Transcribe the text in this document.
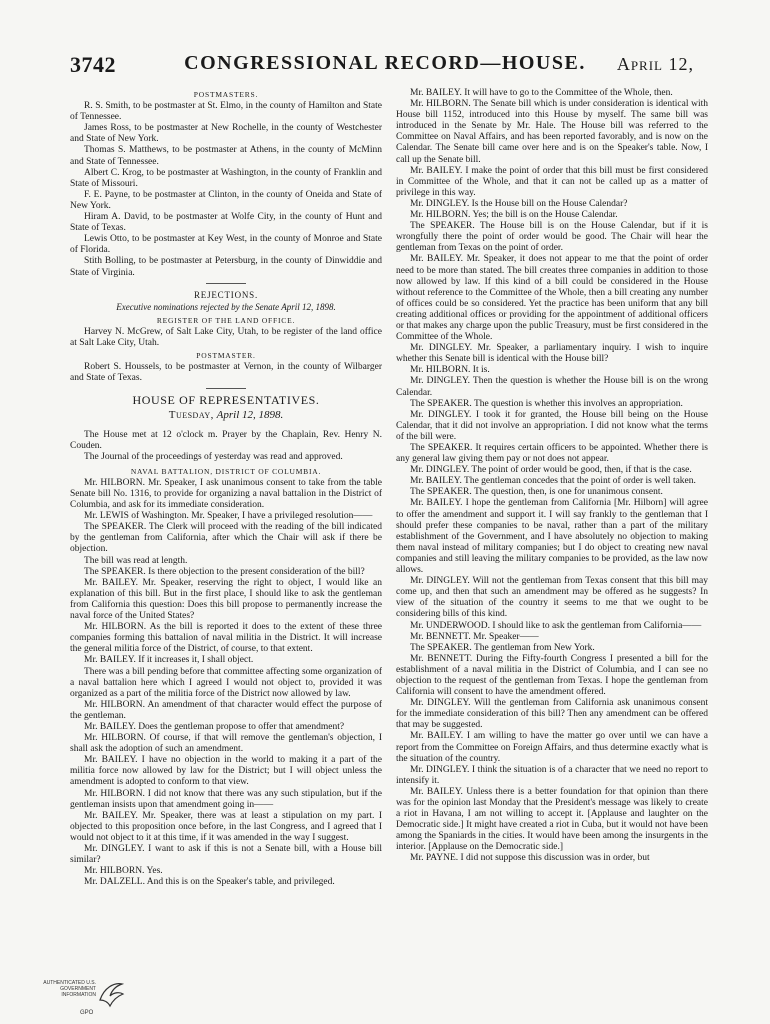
3742	CONGRESSIONAL RECORD—HOUSE.	April 12,
POSTMASTERS.

R. S. Smith, to be postmaster at St. Elmo, in the county of Hamilton and State of Tennessee.

James Ross, to be postmaster at New Rochelle, in the county of Westchester and State of New York.

Thomas S. Matthews, to be postmaster at Athens, in the county of McMinn and State of Tennessee.

Albert C. Krog, to be postmaster at Washington, in the county of Franklin and State of Missouri.

F. E. Payne, to be postmaster at Clinton, in the county of Oneida and State of New York.

Hiram A. David, to be postmaster at Wolfe City, in the county of Hunt and State of Texas.

Lewis Otto, to be postmaster at Key West, in the county of Monroe and State of Florida.

Stith Bolling, to be postmaster at Petersburg, in the county of Dinwiddie and State of Virginia.

REJECTIONS.
Executive nominations rejected by the Senate April 12, 1898.
REGISTER OF THE LAND OFFICE.

Harvey N. McGrew, of Salt Lake City, Utah, to be register of the land office at Salt Lake City, Utah.

POSTMASTER.

Robert S. Houssels, to be postmaster at Vernon, in the county of Wilbarger and State of Texas.

HOUSE OF REPRESENTATIVES.
Tuesday, April 12, 1898.

The House met at 12 o'clock m. Prayer by the Chaplain, Rev. Henry N. Couden.

The Journal of the proceedings of yesterday was read and approved.

NAVAL BATTALION, DISTRICT OF COLUMBIA.

Mr. HILBORN. Mr. Speaker, I ask unanimous consent to take from the table Senate bill No. 1316, to provide for organizing a naval battalion in the District of Columbia, and ask for its immediate consideration.

Mr. LEWIS of Washington. Mr. Speaker, I have a privileged resolution——

The SPEAKER. The Clerk will proceed with the reading of the bill indicated by the gentleman from California, after which the Chair will ask if there be objection.

The bill was read at length.

The SPEAKER. Is there objection to the present consideration of the bill?

Mr. BAILEY. Mr. Speaker, reserving the right to object, I would like an explanation of this bill. But in the first place, I should like to ask the gentleman from California this question: Does this bill propose to permanently increase the naval force of the United States?

Mr. HILBORN. As the bill is reported it does to the extent of these three companies forming this battalion of naval militia in the District. It will increase the general militia force of the District, of course, to that extent.

Mr. BAILEY. If it increases it, I shall object.

There was a bill pending before that committee affecting some organization of a naval battalion here which I agreed I would not object to, provided it was organized as a part of the militia force of the District now allowed by law.

Mr. HILBORN. An amendment of that character would effect the purpose of the gentleman.

Mr. BAILEY. Does the gentleman propose to offer that amendment?

Mr. HILBORN. Of course, if that will remove the gentleman's objection, I shall ask the adoption of such an amendment.

Mr. BAILEY. I have no objection in the world to making it a part of the militia force now allowed by law for the District; but I will object unless the amendment is adopted to conform to that view.

Mr. HILBORN. I did not know that there was any such stipulation, but if the gentleman insists upon that amendment going in——

Mr. BAILEY. Mr. Speaker, there was at least a stipulation on my part. I objected to this proposition once before, in the last Congress, and I agreed that I would not object to it at this time, if it was amended in the way I suggest.

Mr. DINGLEY. I want to ask if this is not a Senate bill, with a House bill similar?

Mr. HILBORN. Yes.

Mr. DALZELL. And this is on the Speaker's table, and privileged.

Mr. BAILEY. It will have to go to the Committee of the Whole, then.

Mr. HILBORN. The Senate bill which is under consideration is identical with House bill 1152, introduced into this House by myself. The same bill was introduced in the Senate by Mr. Hale. The House bill was referred to the Committee on Naval Affairs, and has been reported favorably, and is now on the Calendar. The Senate bill came over here and is on the Speaker's table. Now, I call up the Senate bill.

Mr. BAILEY. I make the point of order that this bill must be first considered in Committee of the Whole, and that it can not be called up as a matter of privilege in this way.

Mr. DINGLEY. Is the House bill on the House Calendar?

Mr. HILBORN. Yes; the bill is on the House Calendar.

The SPEAKER. The House bill is on the House Calendar, but if it is wrongfully there the point of order would be good. The Chair will hear the gentleman from Texas on the point of order.

Mr. BAILEY. Mr. Speaker, it does not appear to me that the point of order need to be more than stated. The bill creates three companies in addition to those now allowed by law. If this kind of a bill could be considered in the House without reference to the Committee of the Whole, then a bill creating any number of offices could be so considered. Yet the practice has been uniform that any bill creating additional offices or providing for the appointment of additional officers or that makes any charge upon the public Treasury, must be first considered in the Committee of the Whole.

Mr. DINGLEY. Mr. Speaker, a parliamentary inquiry. I wish to inquire whether this Senate bill is identical with the House bill?

Mr. HILBORN. It is.

Mr. DINGLEY. Then the question is whether the House bill is on the wrong Calendar.

The SPEAKER. The question is whether this involves an appropriation.

Mr. DINGLEY. I took it for granted, the House bill being on the House Calendar, that it did not involve an appropriation. I did not know what the terms of the bill were.

The SPEAKER. It requires certain officers to be appointed. Whether there is any general law giving them pay or not does not appear.

Mr. DINGLEY. The point of order would be good, then, if that is the case.

Mr. BAILEY. The gentleman concedes that the point of order is well taken.

The SPEAKER. The question, then, is one for unanimous consent.

Mr. BAILEY. I hope the gentleman from California [Mr. Hilborn] will agree to offer the amendment and support it. I will say frankly to the gentleman that I should prefer these companies to be naval, rather than a part of the military establishment of the Government, and I have absolutely no objection to making them naval instead of military companies; but I do object to creating new naval companies and still leaving the military companies to be provided, as the law now allows.

Mr. DINGLEY. Will not the gentleman from Texas consent that this bill may come up, and then that such an amendment may be offered as he suggests? In view of the situation of the country it seems to me that we ought to be considering bills of this kind.

Mr. UNDERWOOD. I should like to ask the gentleman from California——

Mr. BENNETT. Mr. Speaker——

The SPEAKER. The gentleman from New York.

Mr. BENNETT. During the Fifty-fourth Congress I presented a bill for the establishment of a naval militia in the District of Columbia, and I can see no objection to the request of the gentleman from Texas. I hope the gentleman from California will consent to have the amendment offered.

Mr. DINGLEY. Will the gentleman from California ask unanimous consent for the immediate consideration of this bill? Then any amendment can be offered that may be suggested.

Mr. BAILEY. I am willing to have the matter go over until we can have a report from the Committee on Foreign Affairs, and thus determine exactly what is the situation of the country.

Mr. DINGLEY. I think the situation is of a character that we need no report to intensify it.

Mr. BAILEY. Unless there is a better foundation for that opinion than there was for the opinion last Monday that the President's message was likely to create a riot in Havana, I am not willing to accept it. [Applause and laughter on the Democratic side.] It might have created a riot in Cuba, but it would not have been among the Spaniards in the cities. It would have been among the insurgents in the interior. [Applause on the Democratic side.]

Mr. PAYNE. I did not suppose this discussion was in order, but

AUTHENTICATED U.S. GOVERNMENT INFORMATION
GPO
